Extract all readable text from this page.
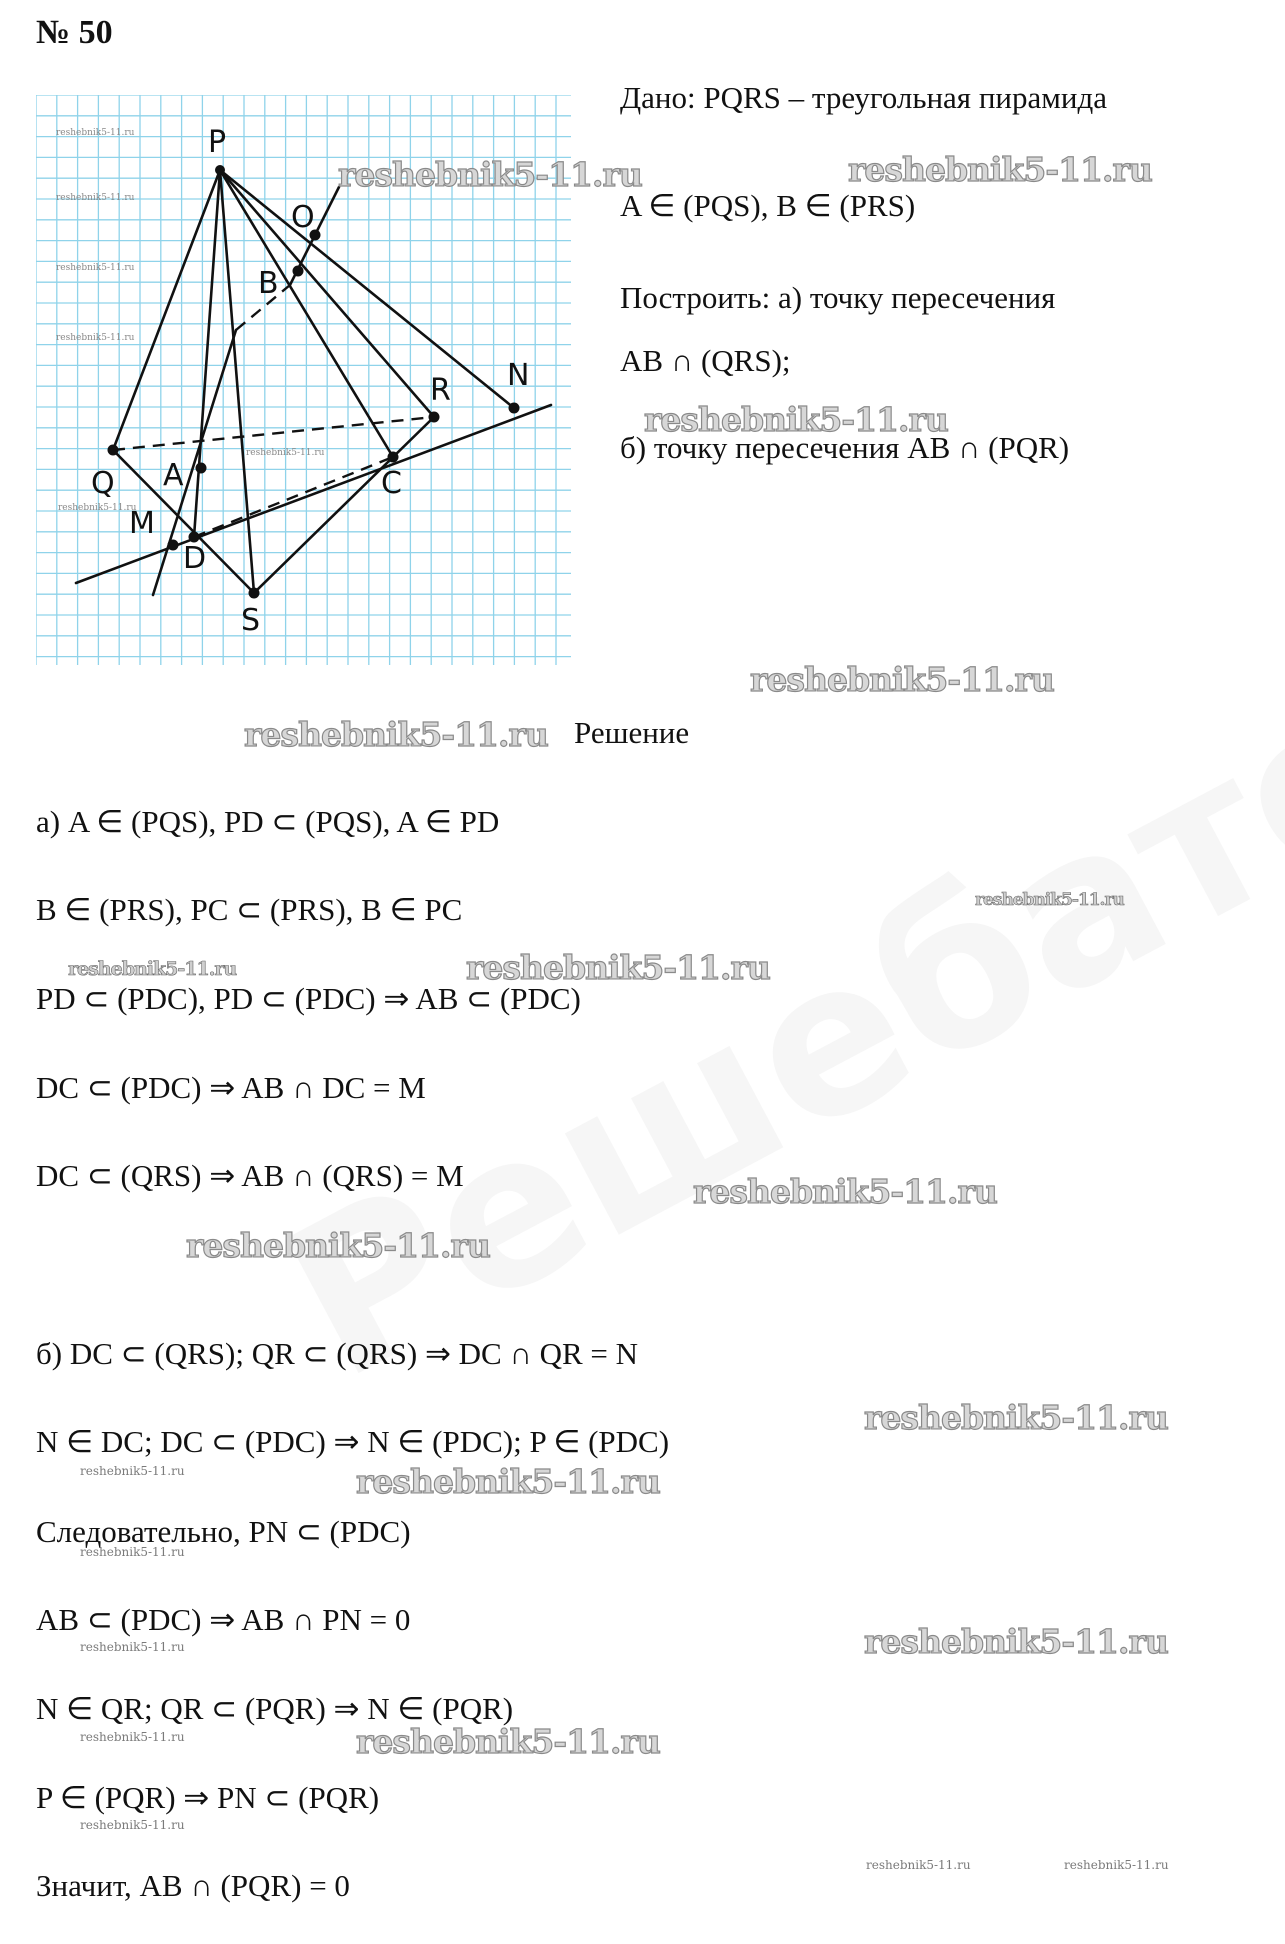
№ 50
reshebnik5-11.ru
reshebnik5-11.ru
reshebnik5-11.ru
reshebnik5-11.ru
reshebnik5-11.ru
reshebnik5-11.ru
P
O
B
R N
Q A	C
M
D
S
Дано: PQRS – треугольная пирамида
A ∈ (PQS), B ∈ (PRS)
Построить: а) точку пересечения
AB ∩ (QRS);
б) точку пересечения AB ∩ (PQR)
Решение
а) A ∈ (PQS), PD ⊂ (PQS), A ∈ PD
B ∈ (PRS), PC ⊂ (PRS), B ∈ PC
PD ⊂ (PDC), PD ⊂ (PDC) ⇒ AB ⊂ (PDC)
DC ⊂ (PDC) ⇒ AB ∩ DC = M
DC ⊂ (QRS) ⇒ AB ∩ (QRS) = M
б) DC ⊂ (QRS); QR ⊂ (QRS) ⇒ DC ∩ QR = N
N ∈ DC; DC ⊂ (PDC) ⇒ N ∈ (PDC); P ∈ (PDC)
Следовательно, PN ⊂ (PDC)
AB ⊂ (PDC) ⇒ AB ∩ PN = 0
N ∈ QR; QR ⊂ (PQR) ⇒ N ∈ (PQR)
P ∈ (PQR) ⇒ PN ⊂ (PQR)
Значит, AB ∩ (PQR) = 0
reshebnik5-11.ru	reshebnik5-11.ru
reshebnik5-11.ru
reshebnik5-11.ru
reshebnik5-11.ru
reshebnik5-11.ru
reshebnik5-11.ru
reshebnik5-11.ru
reshebnik5-11.ru
reshebnik5-11.ru
reshebnik5-11.ru
reshebnik5-11.ru
reshebnik5-11.ru
reshebnik5-11.ru
reshebnik5-11.ru
reshebnik5-11.ru
reshebnik5-11.ru
reshebnik5-11.ru
reshebnik5-11.ru
reshebnik5-11.ru	reshebnik5-11.ru
